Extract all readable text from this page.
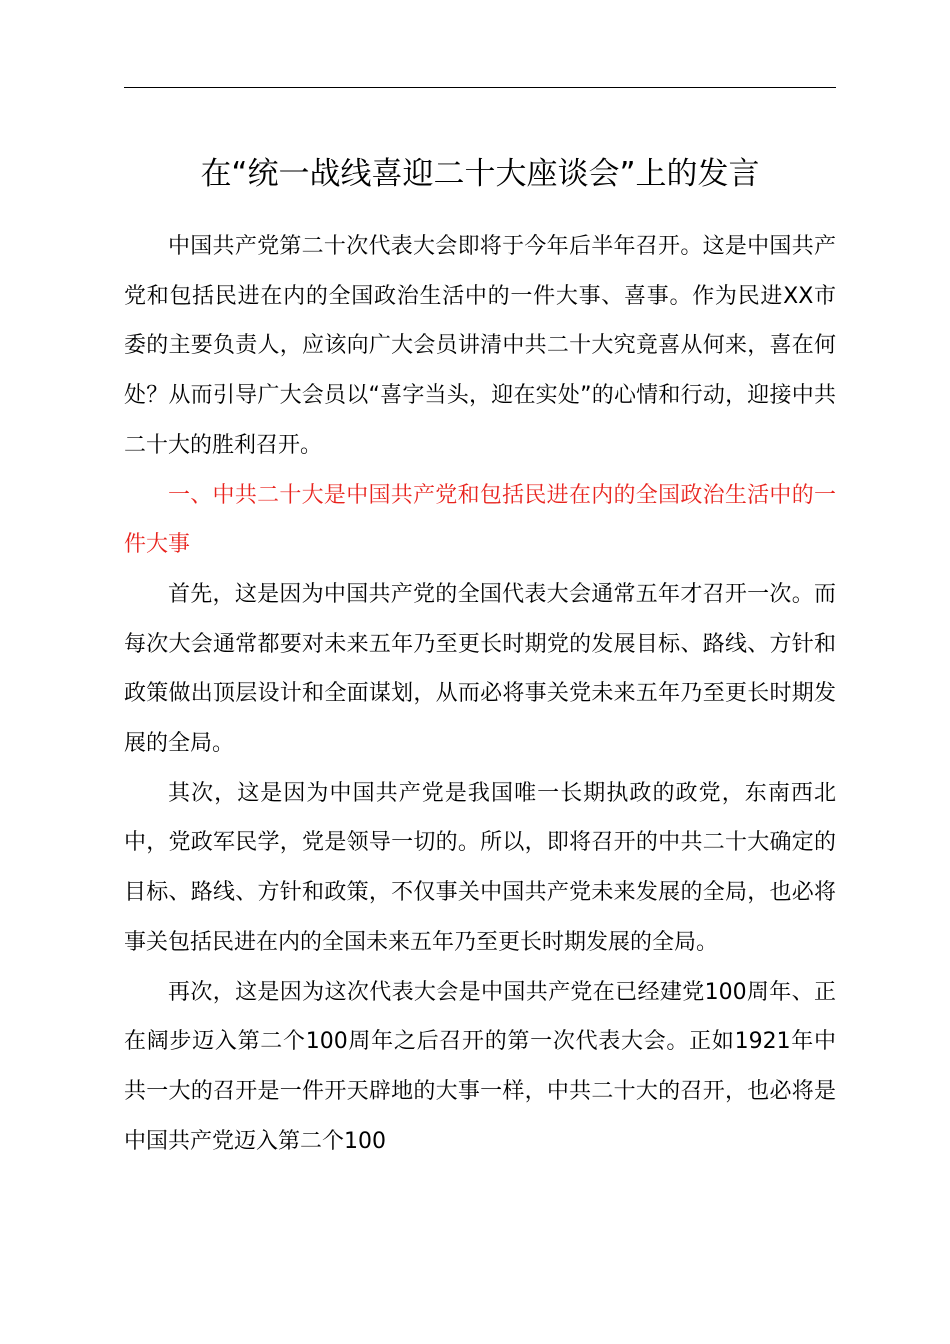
在“统一战线喜迎二十大座谈会”上的发言

中国共产党第二十次代表大会即将于今年后半年召开。这是中国共产党和包括民进在内的全国政治生活中的一件大事、喜事。作为民进XX市委的主要负责人，应该向广大会员讲清中共二十大究竟喜从何来，喜在何处？从而引导广大会员以“喜字当头，迎在实处”的心情和行动，迎接中共二十大的胜利召开。

一、中共二十大是中国共产党和包括民进在内的全国政治生活中的一件大事

首先，这是因为中国共产党的全国代表大会通常五年才召开一次。而每次大会通常都要对未来五年乃至更长时期党的发展目标、路线、方针和政策做出顶层设计和全面谋划，从而必将事关党未来五年乃至更长时期发展的全局。

其次，这是因为中国共产党是我国唯一长期执政的政党，东南西北中，党政军民学，党是领导一切的。所以，即将召开的中共二十大确定的目标、路线、方针和政策，不仅事关中国共产党未来发展的全局，也必将事关包括民进在内的全国未来五年乃至更长时期发展的全局。

再次，这是因为这次代表大会是中国共产党在已经建党100周年、正在阔步迈入第二个100周年之后召开的第一次代表大会。正如1921年中共一大的召开是一件开天辟地的大事一样，中共二十大的召开，也必将是中国共产党迈入第二个100
